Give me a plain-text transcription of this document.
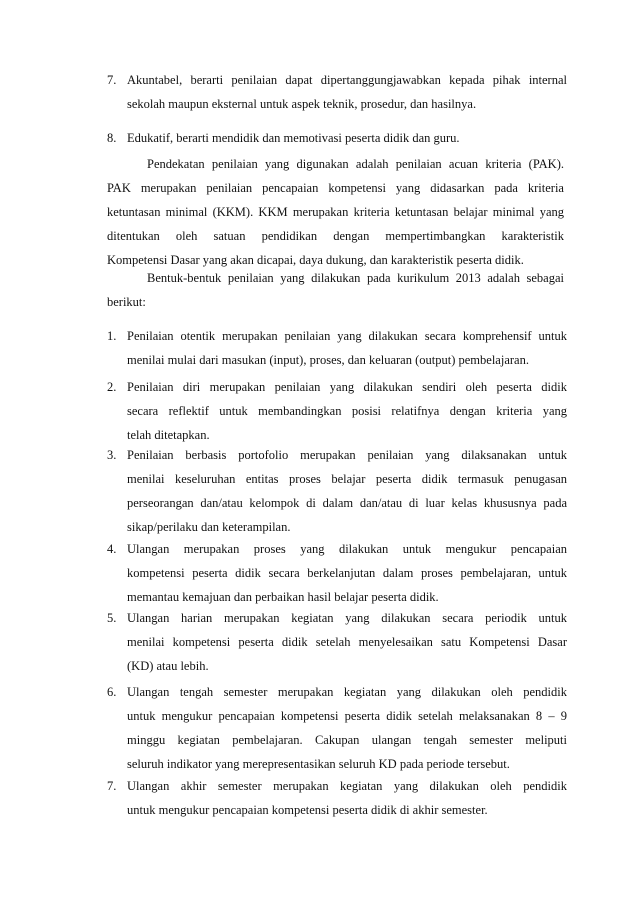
7. Akuntabel, berarti penilaian dapat dipertanggungjawabkan kepada pihak internal
sekolah maupun eksternal untuk aspek teknik, prosedur, dan hasilnya.
8. Edukatif, berarti mendidik dan memotivasi peserta didik dan guru.
Pendekatan penilaian yang digunakan adalah penilaian acuan kriteria (PAK).
PAK merupakan penilaian pencapaian kompetensi yang didasarkan pada kriteria
ketuntasan minimal (KKM). KKM merupakan kriteria ketuntasan belajar minimal yang
ditentukan oleh satuan pendidikan dengan mempertimbangkan karakteristik
Kompetensi Dasar yang akan dicapai, daya dukung, dan karakteristik peserta didik.
Bentuk-bentuk penilaian yang dilakukan pada kurikulum 2013 adalah sebagai
berikut:
1. Penilaian otentik merupakan penilaian yang dilakukan secara komprehensif untuk
menilai mulai dari masukan (input), proses, dan keluaran (output) pembelajaran.
2. Penilaian diri merupakan penilaian yang dilakukan sendiri oleh peserta didik
secara reflektif untuk membandingkan posisi relatifnya dengan kriteria yang
telah ditetapkan.
3. Penilaian berbasis portofolio merupakan penilaian yang dilaksanakan untuk
menilai keseluruhan entitas proses belajar peserta didik termasuk penugasan
perseorangan dan/atau kelompok di dalam dan/atau di luar kelas khususnya pada
sikap/perilaku dan keterampilan.
4. Ulangan merupakan proses yang dilakukan untuk mengukur pencapaian
kompetensi peserta didik secara berkelanjutan dalam proses pembelajaran, untuk
memantau kemajuan dan perbaikan hasil belajar peserta didik.
5. Ulangan harian merupakan kegiatan yang dilakukan secara periodik untuk
menilai kompetensi peserta didik setelah menyelesaikan satu Kompetensi Dasar
(KD) atau lebih.
6. Ulangan tengah semester merupakan kegiatan yang dilakukan oleh pendidik
untuk mengukur pencapaian kompetensi peserta didik setelah melaksanakan 8 – 9
minggu kegiatan pembelajaran. Cakupan ulangan tengah semester meliputi
seluruh indikator yang merepresentasikan seluruh KD pada periode tersebut.
7. Ulangan akhir semester merupakan kegiatan yang dilakukan oleh pendidik
untuk mengukur pencapaian kompetensi peserta didik di akhir semester.
